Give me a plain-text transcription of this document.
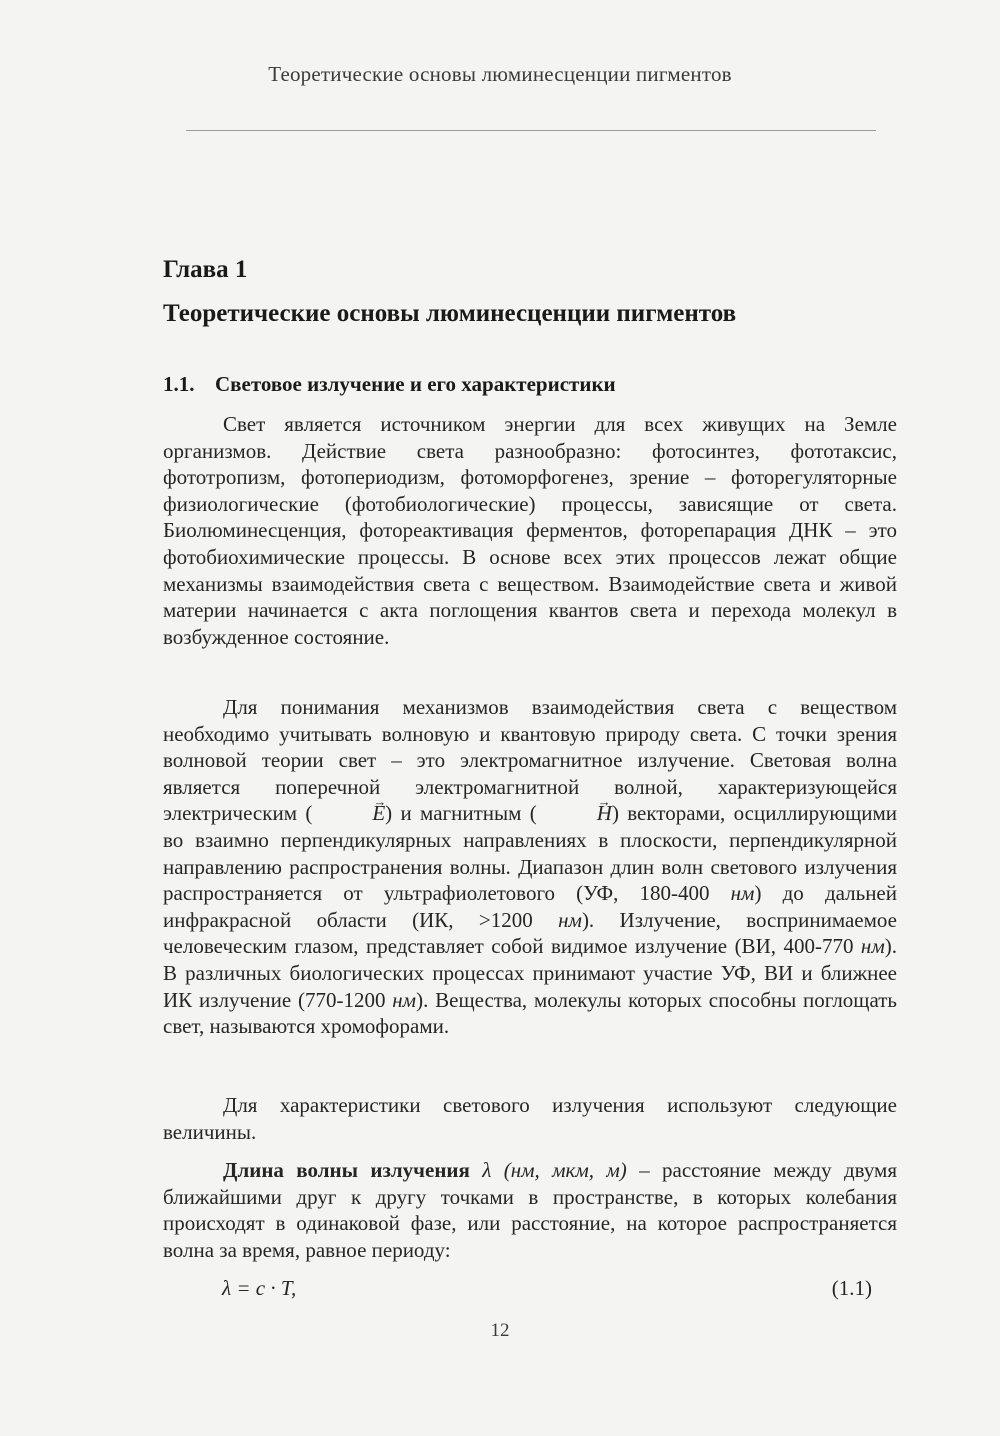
Теоретические основы люминесценции пигментов
Глава 1
Теоретические основы люминесценции пигментов
1.1. Световое излучение и его характеристики

Свет является источником энергии для всех живущих на Земле организмов. Действие света разнообразно: фотосинтез, фототаксис, фототропизм, фотопериодизм, фотоморфогенез, зрение – фоторегуляторные физиологические (фотобиологические) процессы, зависящие от света. Биолюминесценция, фотореактивация ферментов, фоторепарация ДНК – это фотобиохимические процессы. В основе всех этих процессов лежат общие механизмы взаимодействия света с веществом. Взаимодействие света и живой материи начинается с акта поглощения квантов света и перехода молекул в возбужденное состояние.

Для понимания механизмов взаимодействия света с веществом необходимо учитывать волновую и квантовую природу света. С точки зрения волновой теории свет – это электромагнитное излучение. Световая волна является поперечной электромагнитной волной, характеризующейся электрическим (	→ E) и магнитным (	→ H) векторами, осциллирующими во взаимно перпендикулярных направлениях в плоскости, перпендикулярной направлению распространения волны. Диапазон длин волн светового излучения распространяется от ультрафиолетового (УФ, 180-400 нм) до дальней инфракрасной области (ИК, >1200 нм). Излучение, воспринимаемое человеческим глазом, представляет собой видимое излучение (ВИ, 400-770 нм). В различных биологических процессах принимают участие УФ, ВИ и ближнее ИК излучение (770-1200 нм). Вещества, молекулы которых способны поглощать свет, называются хромофорами.

Для характеристики светового излучения используют следующие величины.

Длина волны излучения λ (нм, мкм, м) – расстояние между двумя ближайшими друг к другу точками в пространстве, в которых колебания происходят в одинаковой фазе, или расстояние, на которое распространяется волна за время, равное периоду:

λ = c · T,	(1.1)
12
